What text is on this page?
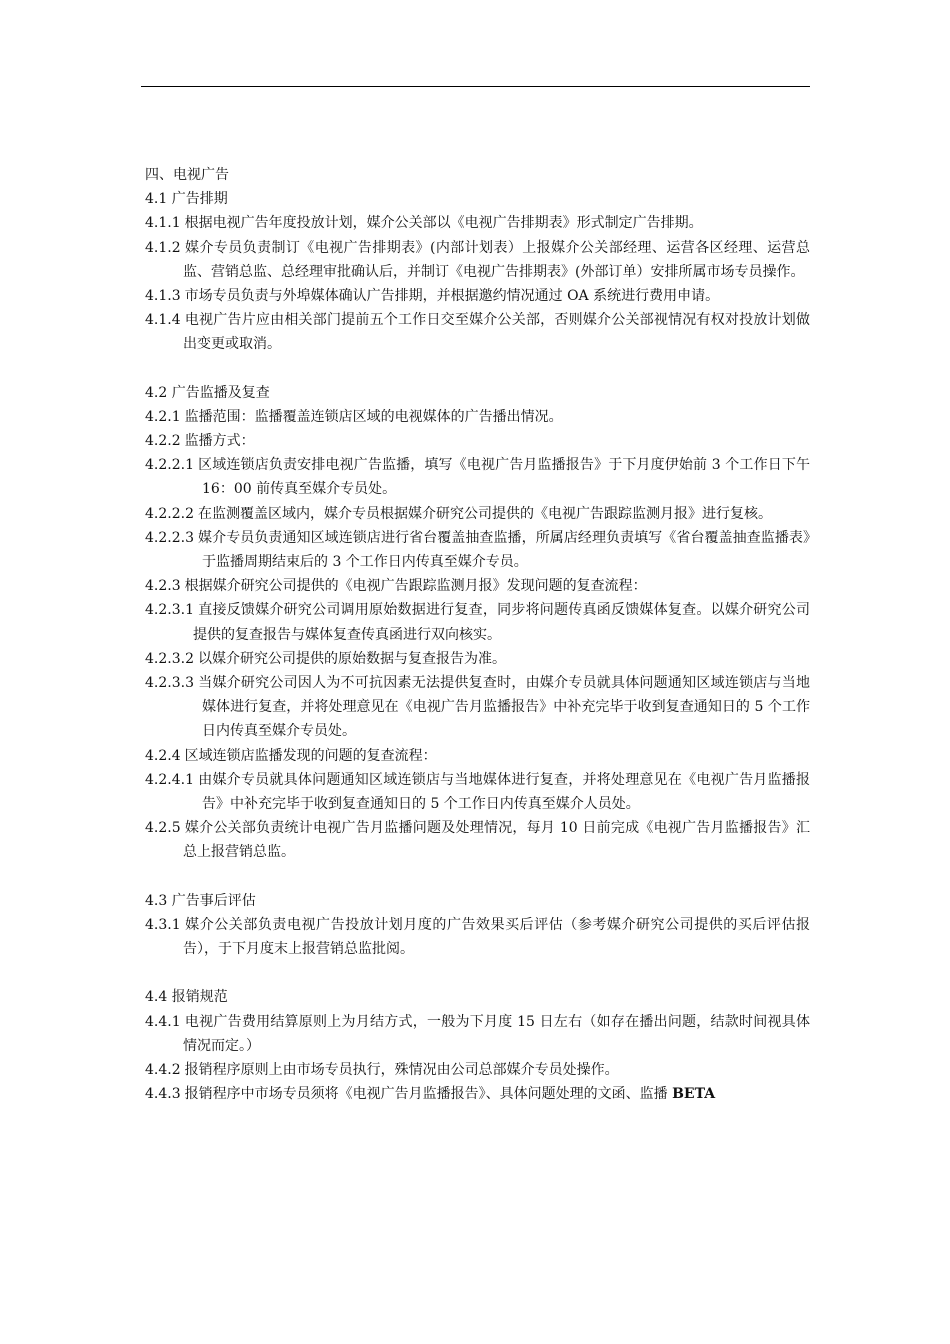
四、电视广告

4.1 广告排期

4.1.1 根据电视广告年度投放计划，媒介公关部以《电视广告排期表》形式制定广告排期。

4.1.2 媒介专员负责制订《电视广告排期表》(内部计划表）上报媒介公关部经理、运营各区经理、运营总监、营销总监、总经理审批确认后，并制订《电视广告排期表》(外部订单）安排所属市场专员操作。

4.1.3 市场专员负责与外埠媒体确认广告排期，并根据邀约情况通过 OA 系统进行费用申请。

4.1.4 电视广告片应由相关部门提前五个工作日交至媒介公关部，否则媒介公关部视情况有权对投放计划做出变更或取消。

4.2 广告监播及复查

4.2.1 监播范围：监播覆盖连锁店区域的电视媒体的广告播出情况。

4.2.2 监播方式：

4.2.2.1 区域连锁店负责安排电视广告监播，填写《电视广告月监播报告》于下月度伊始前 3 个工作日下午 16：00 前传真至媒介专员处。

4.2.2.2 在监测覆盖区域内，媒介专员根据媒介研究公司提供的《电视广告跟踪监测月报》进行复核。

4.2.2.3 媒介专员负责通知区域连锁店进行省台覆盖抽查监播，所属店经理负责填写《省台覆盖抽查监播表》于监播周期结束后的 3 个工作日内传真至媒介专员。

4.2.3 根据媒介研究公司提供的《电视广告跟踪监测月报》发现问题的复查流程：

4.2.3.1 直接反馈媒介研究公司调用原始数据进行复查，同步将问题传真函反馈媒体复查。以媒介研究公司提供的复查报告与媒体复查传真函进行双向核实。

4.2.3.2 以媒介研究公司提供的原始数据与复查报告为准。

4.2.3.3 当媒介研究公司因人为不可抗因素无法提供复查时，由媒介专员就具体问题通知区域连锁店与当地媒体进行复查，并将处理意见在《电视广告月监播报告》中补充完毕于收到复查通知日的 5 个工作日内传真至媒介专员处。

4.2.4 区域连锁店监播发现的问题的复查流程：

4.2.4.1 由媒介专员就具体问题通知区域连锁店与当地媒体进行复查，并将处理意见在《电视广告月监播报告》中补充完毕于收到复查通知日的 5 个工作日内传真至媒介人员处。

4.2.5 媒介公关部负责统计电视广告月监播问题及处理情况，每月 10 日前完成《电视广告月监播报告》汇总上报营销总监。

4.3 广告事后评估

4.3.1 媒介公关部负责电视广告投放计划月度的广告效果买后评估（参考媒介研究公司提供的买后评估报告），于下月度末上报营销总监批阅。

4.4 报销规范

4.4.1 电视广告费用结算原则上为月结方式，一般为下月度 15 日左右（如存在播出问题，结款时间视具体情况而定。）

4.4.2 报销程序原则上由市场专员执行，殊情况由公司总部媒介专员处操作。

4.4.3 报销程序中市场专员须将《电视广告月监播报告》、具体问题处理的文函、监播 BETA
